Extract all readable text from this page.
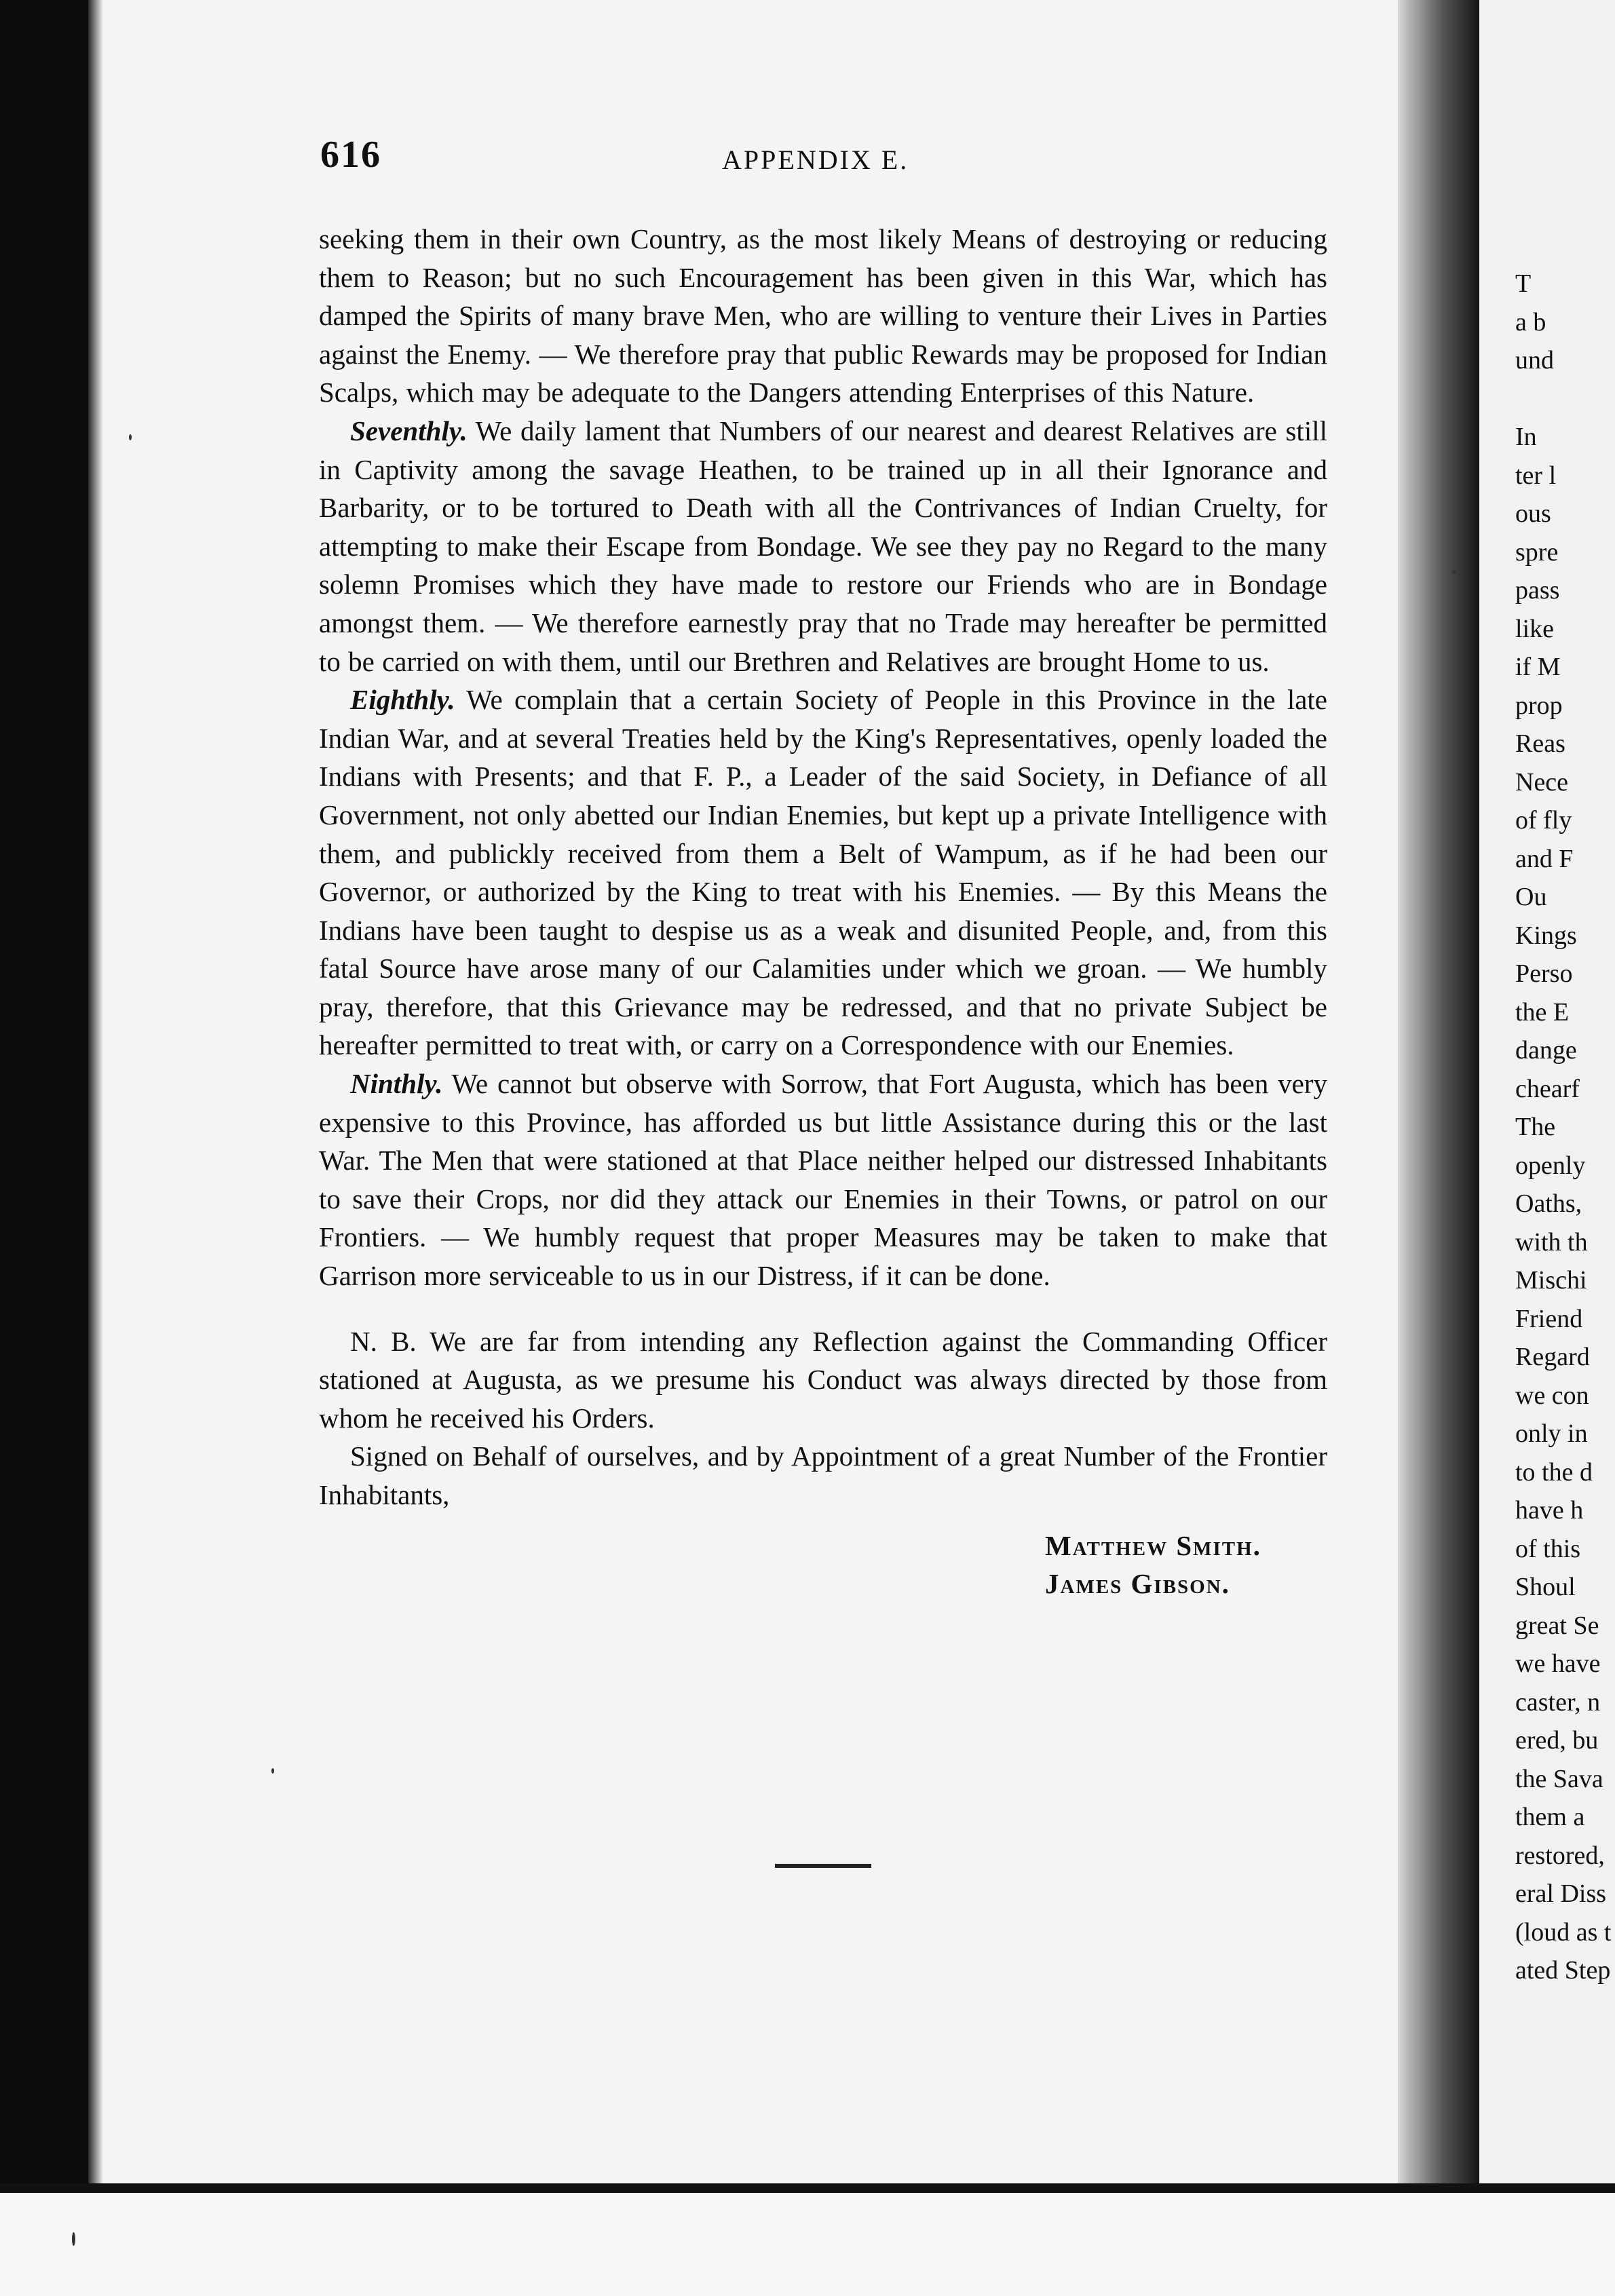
T
a b
und

In
ter l
ous
spre
pass
like
if M
prop
Reas
Nece
of fly
and F
Ou
Kings
Perso
the E
dange
chearf
The
openly
Oaths,
with th
Mischi
Friend
Regard
we con
only in
to the d
have h
of this
Shoul
great Se
we have
caster, n
ered, bu
the Sava
them a
restored,
eral Diss
(loud as t
ated Step
616	APPENDIX E.

seeking them in their own Country, as the most likely Means of destroying or reducing them to Reason; but no such Encouragement has been given in this War, which has damped the Spirits of many brave Men, who are willing to venture their Lives in Parties against the Enemy. — We therefore pray that public Rewards may be proposed for Indian Scalps, which may be adequate to the Dangers attending Enterprises of this Nature.

Seventhly. We daily lament that Numbers of our nearest and dearest Relatives are still in Captivity among the savage Heathen, to be trained up in all their Ignorance and Barbarity, or to be tortured to Death with all the Contrivances of Indian Cruelty, for attempting to make their Escape from Bondage. We see they pay no Regard to the many solemn Promises which they have made to restore our Friends who are in Bondage amongst them. — We therefore earnestly pray that no Trade may hereafter be permitted to be carried on with them, until our Brethren and Relatives are brought Home to us.

Eighthly. We complain that a certain Society of People in this Province in the late Indian War, and at several Treaties held by the King's Representatives, openly loaded the Indians with Presents; and that F. P., a Leader of the said Society, in Defiance of all Government, not only abetted our Indian Enemies, but kept up a private Intelligence with them, and publickly received from them a Belt of Wampum, as if he had been our Governor, or authorized by the King to treat with his Enemies. — By this Means the Indians have been taught to despise us as a weak and disunited People, and, from this fatal Source have arose many of our Calamities under which we groan. — We humbly pray, therefore, that this Grievance may be redressed, and that no private Subject be hereafter permitted to treat with, or carry on a Correspondence with our Enemies.

Ninthly. We cannot but observe with Sorrow, that Fort Augusta, which has been very expensive to this Province, has afforded us but little Assistance during this or the last War. The Men that were stationed at that Place neither helped our distressed Inhabitants to save their Crops, nor did they attack our Enemies in their Towns, or patrol on our Frontiers. — We humbly request that proper Measures may be taken to make that Garrison more serviceable to us in our Distress, if it can be done.

N. B. We are far from intending any Reflection against the Commanding Officer stationed at Augusta, as we presume his Conduct was always directed by those from whom he received his Orders.

Signed on Behalf of ourselves, and by Appointment of a great Number of the Frontier Inhabitants,

Matthew Smith.
James Gibson.
